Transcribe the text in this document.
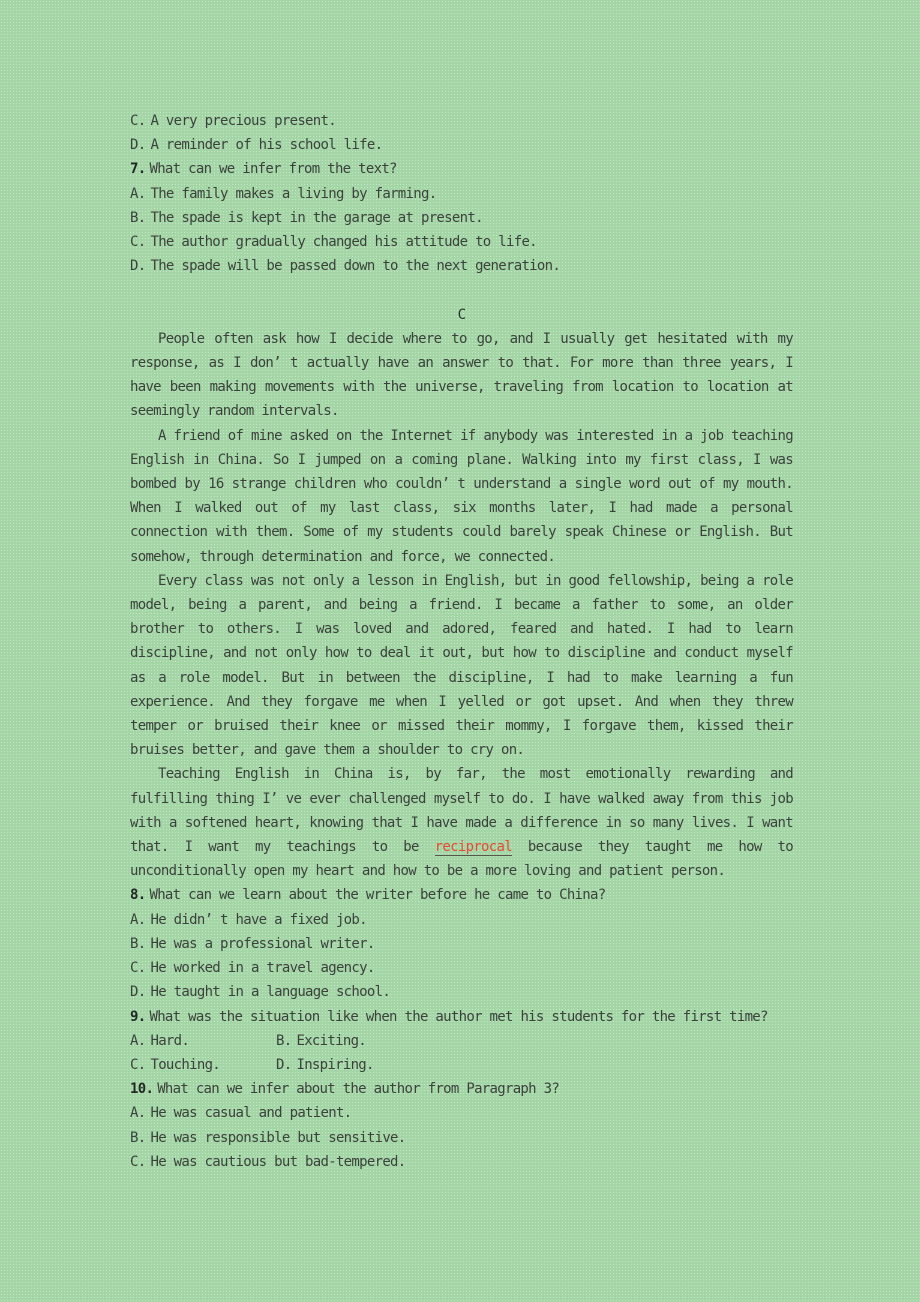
C. A very precious present.
D. A reminder of his school life.
7. What can we infer from the text?
A. The family makes a living by farming.
B. The spade is kept in the garage at present.
C. The author gradually changed his attitude to life.
D. The spade will be passed down to the next generation.
C

People often ask how I decide where to go, and I usually get hesitated with my response, as I don’ t actually have an answer to that. For more than three years, I have been making movements with the universe, traveling from location to location at seemingly random intervals.

A friend of mine asked on the Internet if anybody was interested in a job teaching English in China. So I jumped on a coming plane. Walking into my first class, I was bombed by 16 strange children who couldn’ t understand a single word out of my mouth. When I walked out of my last class, six months later, I had made a personal connection with them. Some of my students could barely speak Chinese or English. But somehow, through determination and force, we connected.

Every class was not only a lesson in English, but in good fellowship, being a role model, being a parent, and being a friend. I became a father to some, an older brother to others. I was loved and adored, feared and hated. I had to learn discipline, and not only how to deal it out, but how to discipline and conduct myself as a role model. But in between the discipline, I had to make learning a fun experience. And they forgave me when I yelled or got upset. And when they threw temper or bruised their knee or missed their mommy, I forgave them, kissed their bruises better, and gave them a shoulder to cry on.

Teaching English in China is, by far, the most emotionally rewarding and fulfilling thing I’ ve ever challenged myself to do. I have walked away from this job with a softened heart, knowing that I have made a difference in so many lives. I want that. I want my teachings to be reciprocal because they taught me how to unconditionally open my heart and how to be a more loving and patient person.

8. What can we learn about the writer before he came to China?
A. He didn’ t have a fixed job.
B. He was a professional writer.
C. He worked in a travel agency.
D. He taught in a language school.
9. What was the situation like when the author met his students for the first time?
A. Hard.	B. Exciting.
C. Touching.	D. Inspiring.
10. What can we infer about the author from Paragraph 3?
A. He was casual and patient.
B. He was responsible but sensitive.
C. He was cautious but bad-tempered.
